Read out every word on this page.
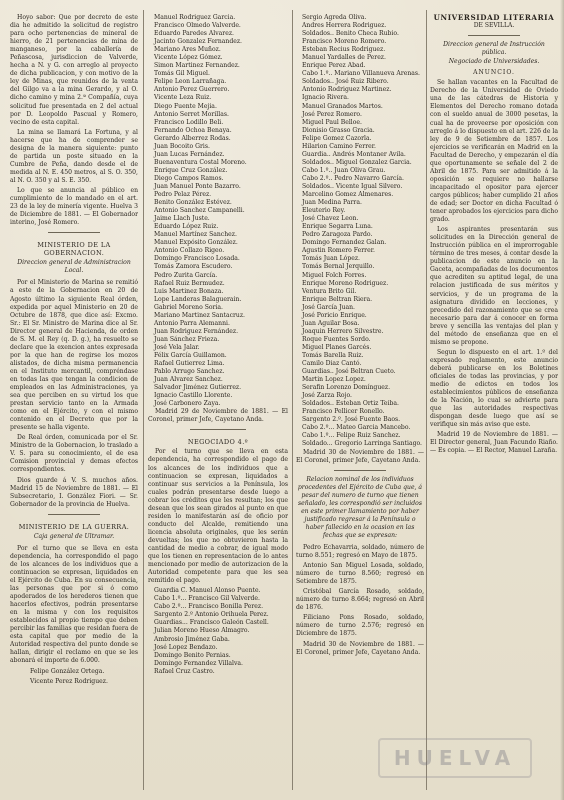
Hoyo sabor: Que por decreto de este dia he admitido la solicitud de registro para ocho pertenencias de mineral de hierro, de 21 pertenencias de mina de manganeso, por la caballería de Peñascosa, jurisdiccion de Valverde, hecha a N. y G. con arreglo al proyecto de dicha publicacion, y con motivo de la ley de Minas, que reunidos de la venta del Gilgo va a la mina Gerardo, y al O. dicho camino y mina 2.ª Compañía, cuya solicitud fue presentada en 2 del actual por D. Leopoldo Pascual y Romero, vecino de esta capital.

La mina se llamará La Fortuna, y al hacerse que ha de comprender se designa de la manera siguiente: punto de partida un poste situado en la Cumbre de Peña, dando desde el de medida al N. E. 450 metros, al S. O. 350, al N. O. 350 y al S. E. 350.

Lo que se anuncia al público en cumplimiento de lo mandado en el art. 23 de la ley de minería vigente. Huelva 3 de Diciembre de 1881. — El Gobernador interino, José Romero.

MINISTERIO DE LA GOBERNACION.

Direccion general de Administracion Local.

Por el Ministerio de Marina se remitió a este de la Gobernacion en 20 de Agosto último la siguiente Real órden, expedida por aquel Ministerio en 20 de Octubre de 1878, que dice así: Excmo. Sr.: El Sr. Ministro de Marina dice al Sr. Director general de Hacienda, de orden de S. M. el Rey (q. D. g.), ha resuelto se declare que la exencion antes expresada por la que han de regirse los mozos alistados, de dicha misma permanencia en el Instituto mercantil, compréndase en todas las que tengan la condicion de empleados en las Administraciones, ya sea que perciben en su virtud los que prestan servicio tanto en la Armada como en el Ejército, y con el mismo contenido en el Decreto que por la presente se halla vigente.

De Real órden, comunicada por el Sr. Ministro de la Gobernacion, lo traslado a V. S. para su conocimiento, el de esa Comision provincial y demas efectos correspondientes.

Dios guarde á V. S. muchos años. Madrid 15 de Noviembre de 1881. — El Subsecretario, I. González Fiori. — Sr. Gobernador de la provincia de Huelva.

MINISTERIO DE LA GUERRA.

Caja general de Ultramar.

Por el turno que se lleva en esta dependencia, ha correspondido el pago de los alcances de los individuos que a continuacion se expresan, liquidados en el Ejército de Cuba. En su consecuencia, las personas que por si ó como apoderados de los herederos tienen que hacerlos efectivos, podrán presentarse en la misma y con los requisitos establecidos al propio tiempo que deben percibir las familias que residan fuera de esta capital que por medio de la Autoridad respectiva del punto donde se hallan, dirigir el reclamo en que se les abonará el importe de 6.000.

Felipe González Ortega.

Vicente Perez Rodriguez.

Manuel Rodriguez Garcia.
Francisco Olmedo Valverde.
Eduardo Paredes Alvarez.
Jacinto Gonzalez Fernandez.
Mariano Ares Muñoz.
Vicente López Gómez.
Simon Martinez Fernandez.
Tomás Gil Miguel.
Felipe Leon Larrañaga.
Antonio Perez Guerrero.
Vicente Leza Ruiz.
Diego Fuente Mejia.
Antonio Serret Morillas.
Francisco Lodillo Beli.
Fernando Ochoa Benaya.
Gerardo Alberrez Rodas.
Juan Bocoito Gris.
Juan Lucas Fernández.
Buenaventura Costal Moreno.
Enrique Cruz González.
Diego Campos Ramos.
Juan Manuel Ponte Bazarro.
Pedro Pelaz Pérez.
Benito González Estévez.
Antonio Sanchez Campanelli.
Jaime Llach Juste.
Eduardo López Ruiz.
Manuel Martínez Sanchez.
Manuel Expósito González.
Antonio Collazo Rigeo.
Domingo Francisco Losada.
Tomás Zamora Escudero.
Pedro Zurita García.
Rafael Ruiz Bermudez.
Luis Martinez Bonaza.
Lope Landeras Balaguerain.
Gabriel Moreno Soria.
Mariano Martinez Santacruz.
Antonio Parra Alemanni.
Juan Rodriguez Fernández.
Juan Sánchez Frieza.
José Vela Jalar.
Félix García Guillamon.
Rafael Gutierrez Lima.
Pablo Arrugo Sanchez.
Juan Alvarez Sanchez.
Salvador Jiménez Gutierrez.
Ignacio Castillo Llorente.
José Carbonero Zaya.

Madrid 29 de Noviembre de 1881. — El Coronel, primer Jefe, Cayetano Anda.

NEGOCIADO 4.º

Por el turno que se lleva en esta dependencia, ha correspondido el pago de los alcances de los individuos que a continuacion se expresan, liquidados a continuar sus servicios a la Península, los cuales podrán presentarse desde luego a cobrar los créditos que les resultan; los que desean que los sean girados al punto en que residen lo manifestarán así de oficio por conducto del Alcalde, remitiendo una licencia absoluta originales, que les serán devueltas; los que no obtuvieron hasta la cantidad de medio a cobrar, de igual modo que los tienen en representacion de lo antes mencionado por medio de autorizacion de la Autoridad competente para que les sea remitido el pago.

Guardia C. Manuel Alonso Puente.
Cabo 1.º... Francisco Gil Valverde.
Cabo 2.º... Francisco Bonilla Perez.
Sargento 2.º Antonio Orihuela Perez.
Guardias... Francisco Galeón Castell.
Julian Moreno Hueso Almagro.
Ambrosio Jiménez Gaba.
José Lopez Bendazo.
Domingo Benito Pernias.
Domingo Fernandez Villalva.
Rafael Cruz Castro.
Sergio Agreda Oliva.
Andres Herrera Rodriguez.
Soldados.. Benito Checa Rubio.
Francisco Moreno Romero.
Esteban Recius Rodriguez.
Manuel Yardalles de Perez.
Enrique Perez Abad.
Cabo 1.º.. Mariano Villanueva Arenas.
Soldados.. José Ruiz Ribero.
Antonio Rodriguez Martinez.
Ignacio Rivera.
Manuel Granados Martos.
José Perez Romero.
Miguel Paul Belloe.
Dionisio Grasso Gracia.
Felipe Gomez Cazorla.
Hilarion Camino Ferrer.
Guardia.. Andrés Montaner Avila.
Soldados.. Miguel Gonzalez Garcia.
Cabo 1.º.. Juan Oliva Grau.
Cabo 2.º.. Pedro Navarro García.
Soldados.. Vicente Igual Silvero.
Marcelino Gomez Almenares.
Juan Medina Parra.
Eleuterio Rey.
José Chavez Leon.
Enrique Segarra Luna.
Pedro Zaragoza Pardo.
Domingo Fernandez Galan.
Agustin Romero Ferrer.
Tomás Juan López.
Tomás Bernal Jerquillo.
Miguel Folch Forres.
Enrique Moreno Rodriguez.
Ventura Brito Gil.
Enrique Beltran Riera.
José García Juan.
José Poricio Enrique.
Juan Aguilar Bosa.
Joaquin Herrero Silvestre.
Roque Fuentes Sordo.
Miguel Planes Garcés.
Tomás Barella Ruiz.
Camilo Diaz Cantó.
Guardias.. José Beltran Cueto.
Martin Lopez Lopez.
Serafin Lorenzo Domínguez.
José Zarza Rojo.
Soldados.. Esteban Ortiz Teiba.
Francisco Pellicer Ronello.
Sargento 2.º. José Fuente Baos.
Cabo 2.º... Mateo Garcia Mancebo.
Cabo 1.º... Felipe Ruiz Sanchez.
Soldado... Gregorio Larringa Santiago.

Madrid 30 de Noviembre de 1881. — El Coronel, primer Jefe, Cayetano Anda.

Relacion nominal de los individuos procedentes del Ejército de Cuba que, á pesar del numero de turno que tienen señalado, les correspondió ser incluidos en este primer llamamiento por haber justificado regresar á la Península o haber fallecido en la ocasion en las fechas que se expresan:

Pedro Echavarria, soldado, número de turno 8.551; regresó en Mayo de 1875.

Antonio San Miguel Losada, soldado, número de turno 8.560; regresó en Setiembre de 1875.

Cristóbal García Rosado, soldado, número de turno 8.664; regresó en Abril de 1876.

Filiciano Pons Rosado, soldado, número de turno 2.576; regresó en Diciembre de 1875.

Madrid 30 de Noviembre de 1881. — El Coronel, primer Jefe, Cayetano Anda.

UNIVERSIDAD LITERARIA

DE SEVILLA.

Direccion general de Instrucción pública.

Negociado de Universidades.

ANUNCIO.

Se hallan vacantes en la Facultad de Derecho de la Universidad de Oviedo una de las cátedras de Historia y Elementos del Derecho romano dotada con el sueldo anual de 3000 pesetas, la cual ha de proveerse por oposición con arreglo á lo dispuesto en el art. 226 de la ley de 9 de Setiembre de 1857. Los ejercicios se verificarán en Madrid en la Facultad de Derecho, y empezarán el día que oportunamente se señale del 2 de Abril de 1875. Para ser admitido á la oposición se requiere no hallarse incapacitado el opositor para ejercer cargos públicos; haber cumplido 21 años de edad; ser Doctor en dicha Facultad ó tener aprobados los ejercicios para dicho grado.

Los aspirantes presentarán sus solicitudes en la Dirección general de Instrucción pública en el improrrogable término de tres meses, á contar desde la publicacion de este anuncio en la Gaceta, acompañadas de los documentos que acrediten su aptitud legal, de una relacion justificada de sus méritos y servicios, y de un programa de la asignatura dividido en lecciones, y precedido del razonamiento que se crea necesario para dar á conocer en forma breve y sencilla las ventajas del plan y del método de enseñanza que en el mismo se propone.

Segun lo dispuesto en el art. 1.º del expresado reglamento, este anuncio deberá publicarse en los Boletines oficiales de todas las provincias, y por medio de edictos en todos los establecimientos públicos de enseñanza de la Nación, lo cual se advierte para que las autoridades respectivas dispongan desde luego que así se verifique sin más aviso que este.

Madrid 19 de Noviembre de 1881. — El Director general, Juan Facundo Riaño. — Es copia. — El Rector, Manuel Laraña.

HUELVA
